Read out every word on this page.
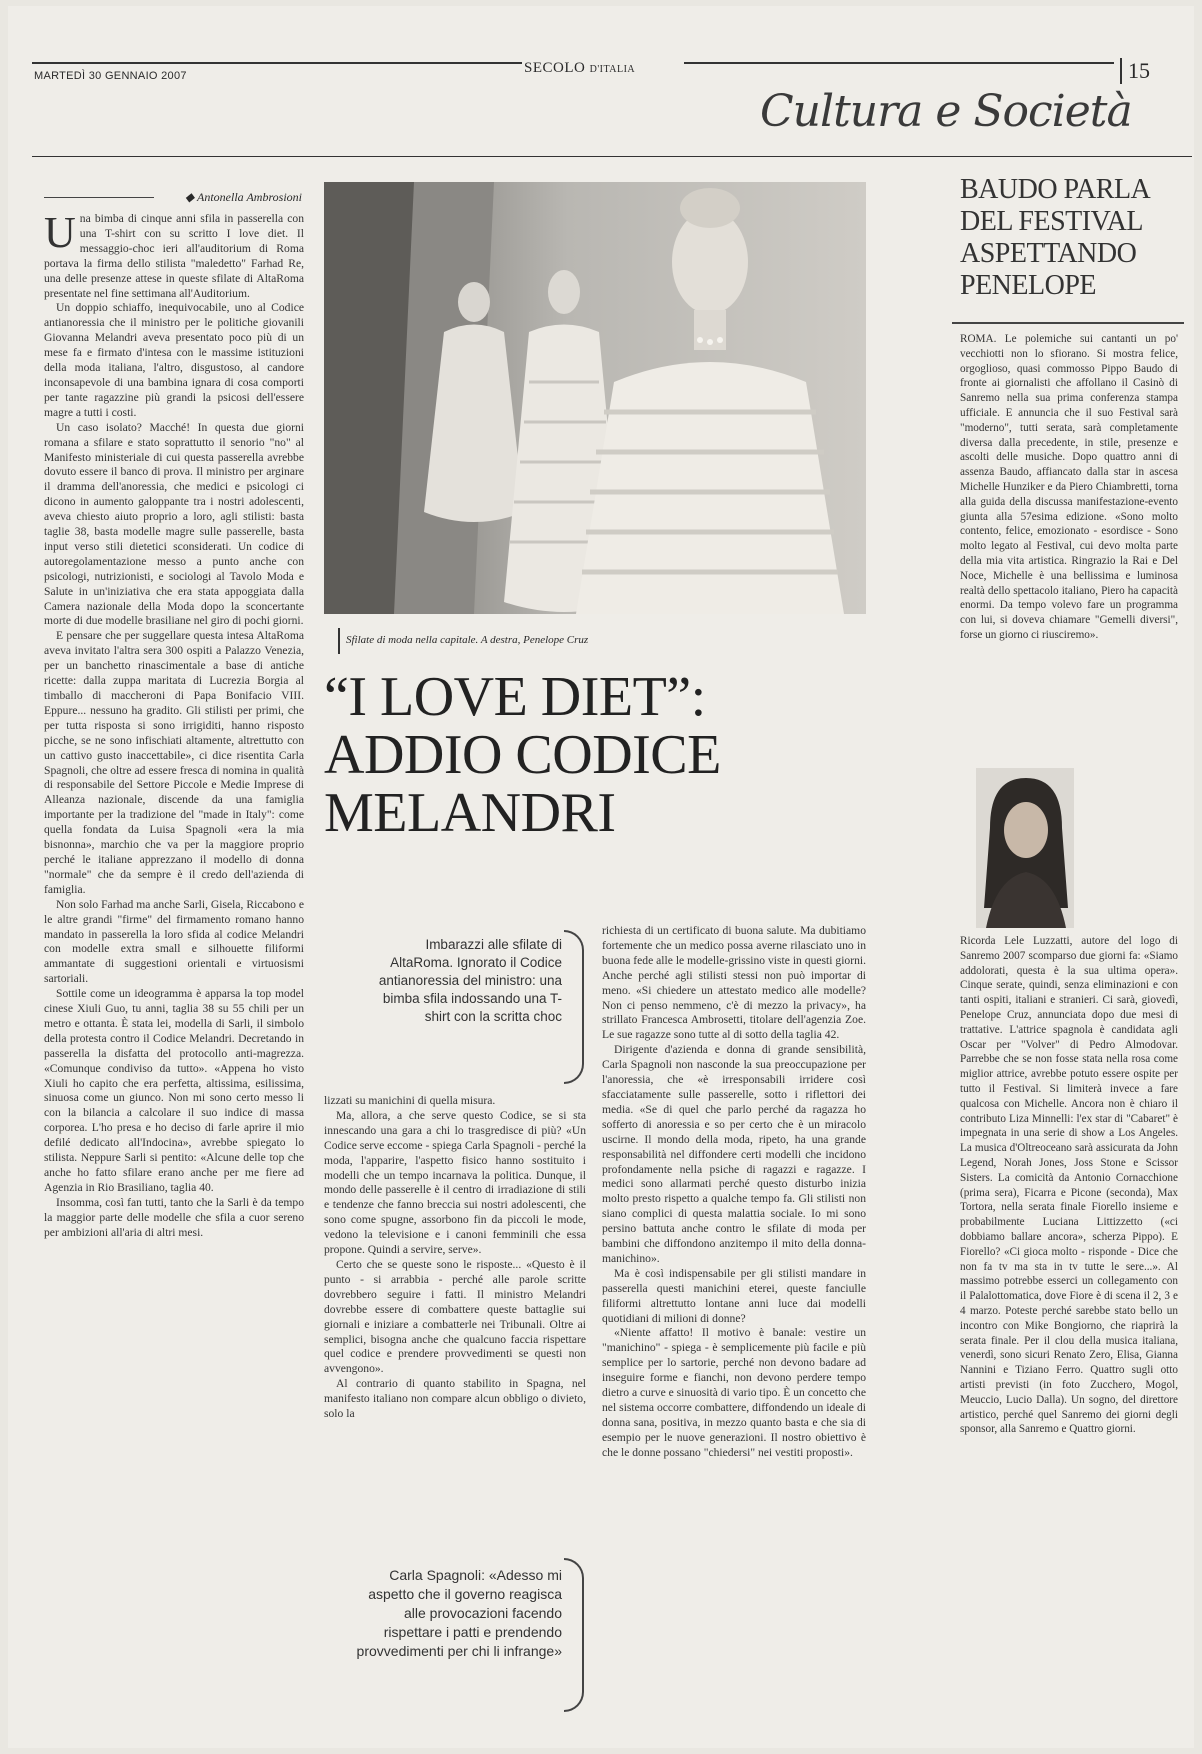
MARTEDÌ 30 GENNAIO 2007	SECOLO D'ITALIA	15
Cultura e Società
◆ Antonella Ambrosioni

Una bimba di cinque anni sfila in passerella con una T-shirt con su scritto I love diet. Il messaggio-choc ieri all'auditorium di Roma portava la firma dello stilista "maledetto" Farhad Re, una delle presenze attese in queste sfilate di AltaRoma presentate nel fine settimana all'Auditorium.

Un doppio schiaffo, inequivocabile, uno al Codice antianoressia che il ministro per le politiche giovanili Giovanna Melandri aveva presentato poco più di un mese fa e firmato d'intesa con le massime istituzioni della moda italiana, l'altro, disgustoso, al candore inconsapevole di una bambina ignara di cosa comporti per tante ragazzine più grandi la psicosi dell'essere magre a tutti i costi.

Un caso isolato? Macché! In questa due giorni romana a sfilare e stato soprattutto il senorio "no" al Manifesto ministeriale di cui questa passerella avrebbe dovuto essere il banco di prova. Il ministro per arginare il dramma dell'anoressia, che medici e psicologi ci dicono in aumento galoppante tra i nostri adolescenti, aveva chiesto aiuto proprio a loro, agli stilisti: basta taglie 38, basta modelle magre sulle passerelle, basta input verso stili dietetici sconsiderati. Un codice di autoregolamentazione messo a punto anche con psicologi, nutrizionisti, e sociologi al Tavolo Moda e Salute in un'iniziativa che era stata appoggiata dalla Camera nazionale della Moda dopo la sconcertante morte di due modelle brasiliane nel giro di pochi giorni.

E pensare che per suggellare questa intesa AltaRoma aveva invitato l'altra sera 300 ospiti a Palazzo Venezia, per un banchetto rinascimentale a base di antiche ricette: dalla zuppa maritata di Lucrezia Borgia al timballo di maccheroni di Papa Bonifacio VIII. Eppure... nessuno ha gradito. Gli stilisti per primi, che per tutta risposta si sono irrigiditi, hanno risposto picche, se ne sono infischiati altamente, altrettutto con un cattivo gusto inaccettabile», ci dice risentita Carla Spagnoli, che oltre ad essere fresca di nomina in qualità di responsabile del Settore Piccole e Medie Imprese di Alleanza nazionale, discende da una famiglia importante per la tradizione del "made in Italy": come quella fondata da Luisa Spagnoli «era la mia bisnonna», marchio che va per la maggiore proprio perché le italiane apprezzano il modello di donna "normale" che da sempre è il credo dell'azienda di famiglia.

Non solo Farhad ma anche Sarli, Gisela, Riccabono e le altre grandi "firme" del firmamento romano hanno mandato in passerella la loro sfida al codice Melandri con modelle extra small e silhouette filiformi ammantate di suggestioni orientali e virtuosismi sartoriali.

Sottile come un ideogramma è apparsa la top model cinese Xiuli Guo, tu anni, taglia 38 su 55 chili per un metro e ottanta. È stata lei, modella di Sarli, il simbolo della protesta contro il Codice Melandri. Decretando in passerella la disfatta del protocollo anti-magrezza. «Comunque condiviso da tutto». «Appena ho visto Xiuli ho capito che era perfetta, altissima, esilissima, sinuosa come un giunco. Non mi sono certo messo li con la bilancia a calcolare il suo indice di massa corporea. L'ho presa e ho deciso di farle aprire il mio defilé dedicato all'Indocina», avrebbe spiegato lo stilista. Neppure Sarli si pentito: «Alcune delle top che anche ho fatto sfilare erano anche per me fiere ad Agenzia in Rio Brasiliano, taglia 40.

Insomma, così fan tutti, tanto che la Sarli è da tempo la maggior parte delle modelle che sfila a cuor sereno per ambizioni all'aria di altri mesi.

Sfilate di moda nella capitale. A destra, Penelope Cruz
“I LOVE DIET”:
ADDIO CODICE
MELANDRI
Imbarazzi alle sfilate di AltaRoma. Ignorato il Codice antianoressia del ministro: una bimba sfila indossando una T-shirt con la scritta choc

lizzati su manichini di quella misura.

Ma, allora, a che serve questo Codice, se si sta innescando una gara a chi lo trasgredisce di più? «Un Codice serve eccome - spiega Carla Spagnoli - perché la moda, l'apparire, l'aspetto fisico hanno sostituito i modelli che un tempo incarnava la politica. Dunque, il mondo delle passerelle è il centro di irradiazione di stili e tendenze che fanno breccia sui nostri adolescenti, che sono come spugne, assorbono fin da piccoli le mode, vedono la televisione e i canoni femminili che essa propone. Quindi a servire, serve».

Certo che se queste sono le risposte... «Questo è il punto - si arrabbia - perché alle parole scritte dovrebbero seguire i fatti. Il ministro Melandri dovrebbe essere di combattere queste battaglie sui giornali e iniziare a combatterle nei Tribunali. Oltre ai semplici, bisogna anche che qualcuno faccia rispettare quel codice e prendere provvedimenti se questi non avvengono».

Al contrario di quanto stabilito in Spagna, nel manifesto italiano non compare alcun obbligo o divieto, solo la

Carla Spagnoli: «Adesso mi aspetto che il governo reagisca alle provocazioni facendo rispettare i patti e prendendo provvedimenti per chi li infrange»

richiesta di un certificato di buona salute. Ma dubitiamo fortemente che un medico possa averne rilasciato uno in buona fede alle le modelle-grissino viste in questi giorni. Anche perché agli stilisti stessi non può importar di meno. «Si chiedere un attestato medico alle modelle? Non ci penso nemmeno, c'è di mezzo la privacy», ha strillato Francesca Ambrosetti, titolare dell'agenzia Zoe. Le sue ragazze sono tutte al di sotto della taglia 42.

Dirigente d'azienda e donna di grande sensibilità, Carla Spagnoli non nasconde la sua preoccupazione per l'anoressia, che «è irresponsabili irridere così sfacciatamente sulle passerelle, sotto i riflettori dei media. «Se di quel che parlo perché da ragazza ho sofferto di anoressia e so per certo che è un miracolo uscirne. Il mondo della moda, ripeto, ha una grande responsabilità nel diffondere certi modelli che incidono profondamente nella psiche di ragazzi e ragazze. I medici sono allarmati perché questo disturbo inizia molto presto rispetto a qualche tempo fa. Gli stilisti non siano complici di questa malattia sociale. Io mi sono persino battuta anche contro le sfilate di moda per bambini che diffondono anzitempo il mito della donna-manichino».

Ma è così indispensabile per gli stilisti mandare in passerella questi manichini eterei, queste fanciulle filiformi altrettutto lontane anni luce dai modelli quotidiani di milioni di donne?

«Niente affatto! Il motivo è banale: vestire un "manichino" - spiega - è semplicemente più facile e più semplice per lo sartorie, perché non devono badare ad inseguire forme e fianchi, non devono perdere tempo dietro a curve e sinuosità di vario tipo. È un concetto che nel sistema occorre combattere, diffondendo un ideale di donna sana, positiva, in mezzo quanto basta e che sia di esempio per le nuove generazioni. Il nostro obiettivo è che le donne possano "chiedersi" nei vestiti proposti».

BAUDO PARLA DEL FESTIVAL ASPETTANDO PENELOPE
ROMA. Le polemiche sui cantanti un po' vecchiotti non lo sfiorano. Si mostra felice, orgoglioso, quasi commosso Pippo Baudo di fronte ai giornalisti che affollano il Casinò di Sanremo nella sua prima conferenza stampa ufficiale. E annuncia che il suo Festival sarà "moderno", tutti serata, sarà completamente diversa dalla precedente, in stile, presenze e ascolti delle musiche. Dopo quattro anni di assenza Baudo, affiancato dalla star in ascesa Michelle Hunziker e da Piero Chiambretti, torna alla guida della discussa manifestazione-evento giunta alla 57esima edizione. «Sono molto contento, felice, emozionato - esordisce - Sono molto legato al Festival, cui devo molta parte della mia vita artistica. Ringrazio la Rai e Del Noce, Michelle è una bellissima e luminosa realtà dello spettacolo italiano, Piero ha capacità enormi. Da tempo volevo fare un programma con lui, si doveva chiamare "Gemelli diversi", forse un giorno ci riusciremo».
Ricorda Lele Luzzatti, autore del logo di Sanremo 2007 scomparso due giorni fa: «Siamo addolorati, questa è la sua ultima opera». Cinque serate, quindi, senza eliminazioni e con tanti ospiti, italiani e stranieri. Ci sarà, giovedì, Penelope Cruz, annunciata dopo due mesi di trattative. L'attrice spagnola è candidata agli Oscar per "Volver" di Pedro Almodovar. Parrebbe che se non fosse stata nella rosa come miglior attrice, avrebbe potuto essere ospite per tutto il Festival. Si limiterà invece a fare qualcosa con Michelle. Ancora non è chiaro il contributo Liza Minnelli: l'ex star di "Cabaret" è impegnata in una serie di show a Los Angeles. La musica d'Oltreoceano sarà assicurata da John Legend, Norah Jones, Joss Stone e Scissor Sisters. La comicità da Antonio Cornacchione (prima sera), Ficarra e Picone (seconda), Max Tortora, nella serata finale Fiorello insieme e probabilmente Luciana Littizzetto («ci dobbiamo ballare ancora», scherza Pippo). E Fiorello? «Ci gioca molto - risponde - Dice che non fa tv ma sta in tv tutte le sere...». Al massimo potrebbe esserci un collegamento con il Palalottomatica, dove Fiore è di scena il 2, 3 e 4 marzo. Poteste perché sarebbe stato bello un incontro con Mike Bongiorno, che riaprirà la serata finale. Per il clou della musica italiana, venerdì, sono sicuri Renato Zero, Elisa, Gianna Nannini e Tiziano Ferro. Quattro sugli otto artisti previsti (in foto Zucchero, Mogol, Meuccio, Lucio Dalla). Un sogno, del direttore artistico, perché quel Sanremo dei giorni degli sponsor, alla Sanremo e Quattro giorni.
